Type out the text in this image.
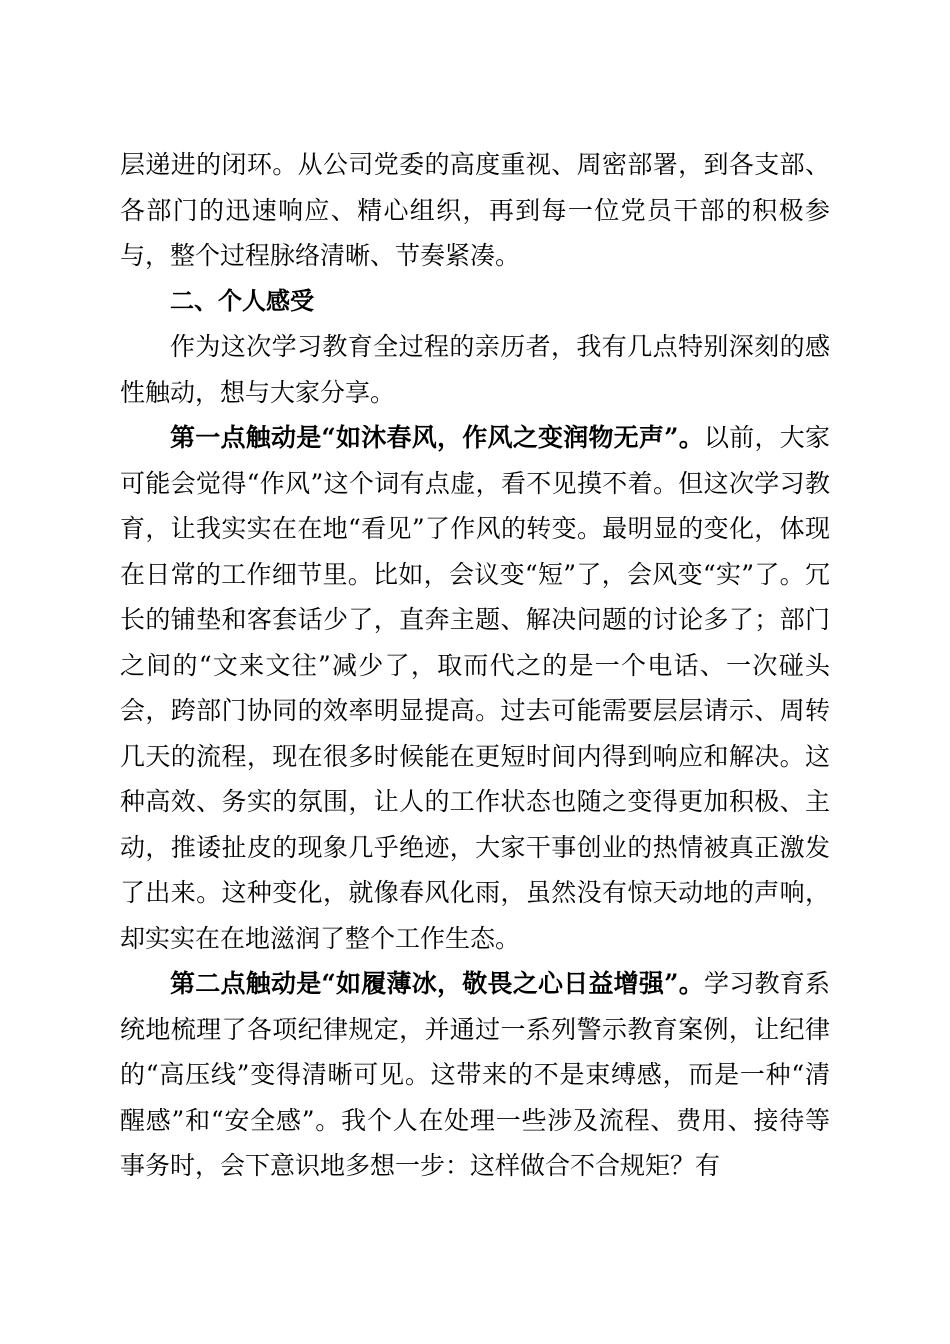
层递进的闭环。从公司党委的高度重视、周密部署，到各支部、各部门的迅速响应、精心组织，再到每一位党员干部的积极参与，整个过程脉络清晰、节奏紧凑。

二、个人感受

作为这次学习教育全过程的亲历者，我有几点特别深刻的感性触动，想与大家分享。

第一点触动是“如沐春风，作风之变润物无声”。以前，大家可能会觉得“作风”这个词有点虚，看不见摸不着。但这次学习教育，让我实实在在地“看见”了作风的转变。最明显的变化，体现在日常的工作细节里。比如，会议变“短”了，会风变“实”了。冗长的铺垫和客套话少了，直奔主题、解决问题的讨论多了；部门之间的“文来文往”减少了，取而代之的是一个电话、一次碰头会，跨部门协同的效率明显提高。过去可能需要层层请示、周转几天的流程，现在很多时候能在更短时间内得到响应和解决。这种高效、务实的氛围，让人的工作状态也随之变得更加积极、主动，推诿扯皮的现象几乎绝迹，大家干事创业的热情被真正激发了出来。这种变化，就像春风化雨，虽然没有惊天动地的声响，却实实在在地滋润了整个工作生态。

第二点触动是“如履薄冰，敬畏之心日益增强”。学习教育系统地梳理了各项纪律规定，并通过一系列警示教育案例，让纪律的“高压线”变得清晰可见。这带来的不是束缚感，而是一种“清醒感”和“安全感”。我个人在处理一些涉及流程、费用、接待等事务时，会下意识地多想一步：这样做合不合规矩？有
